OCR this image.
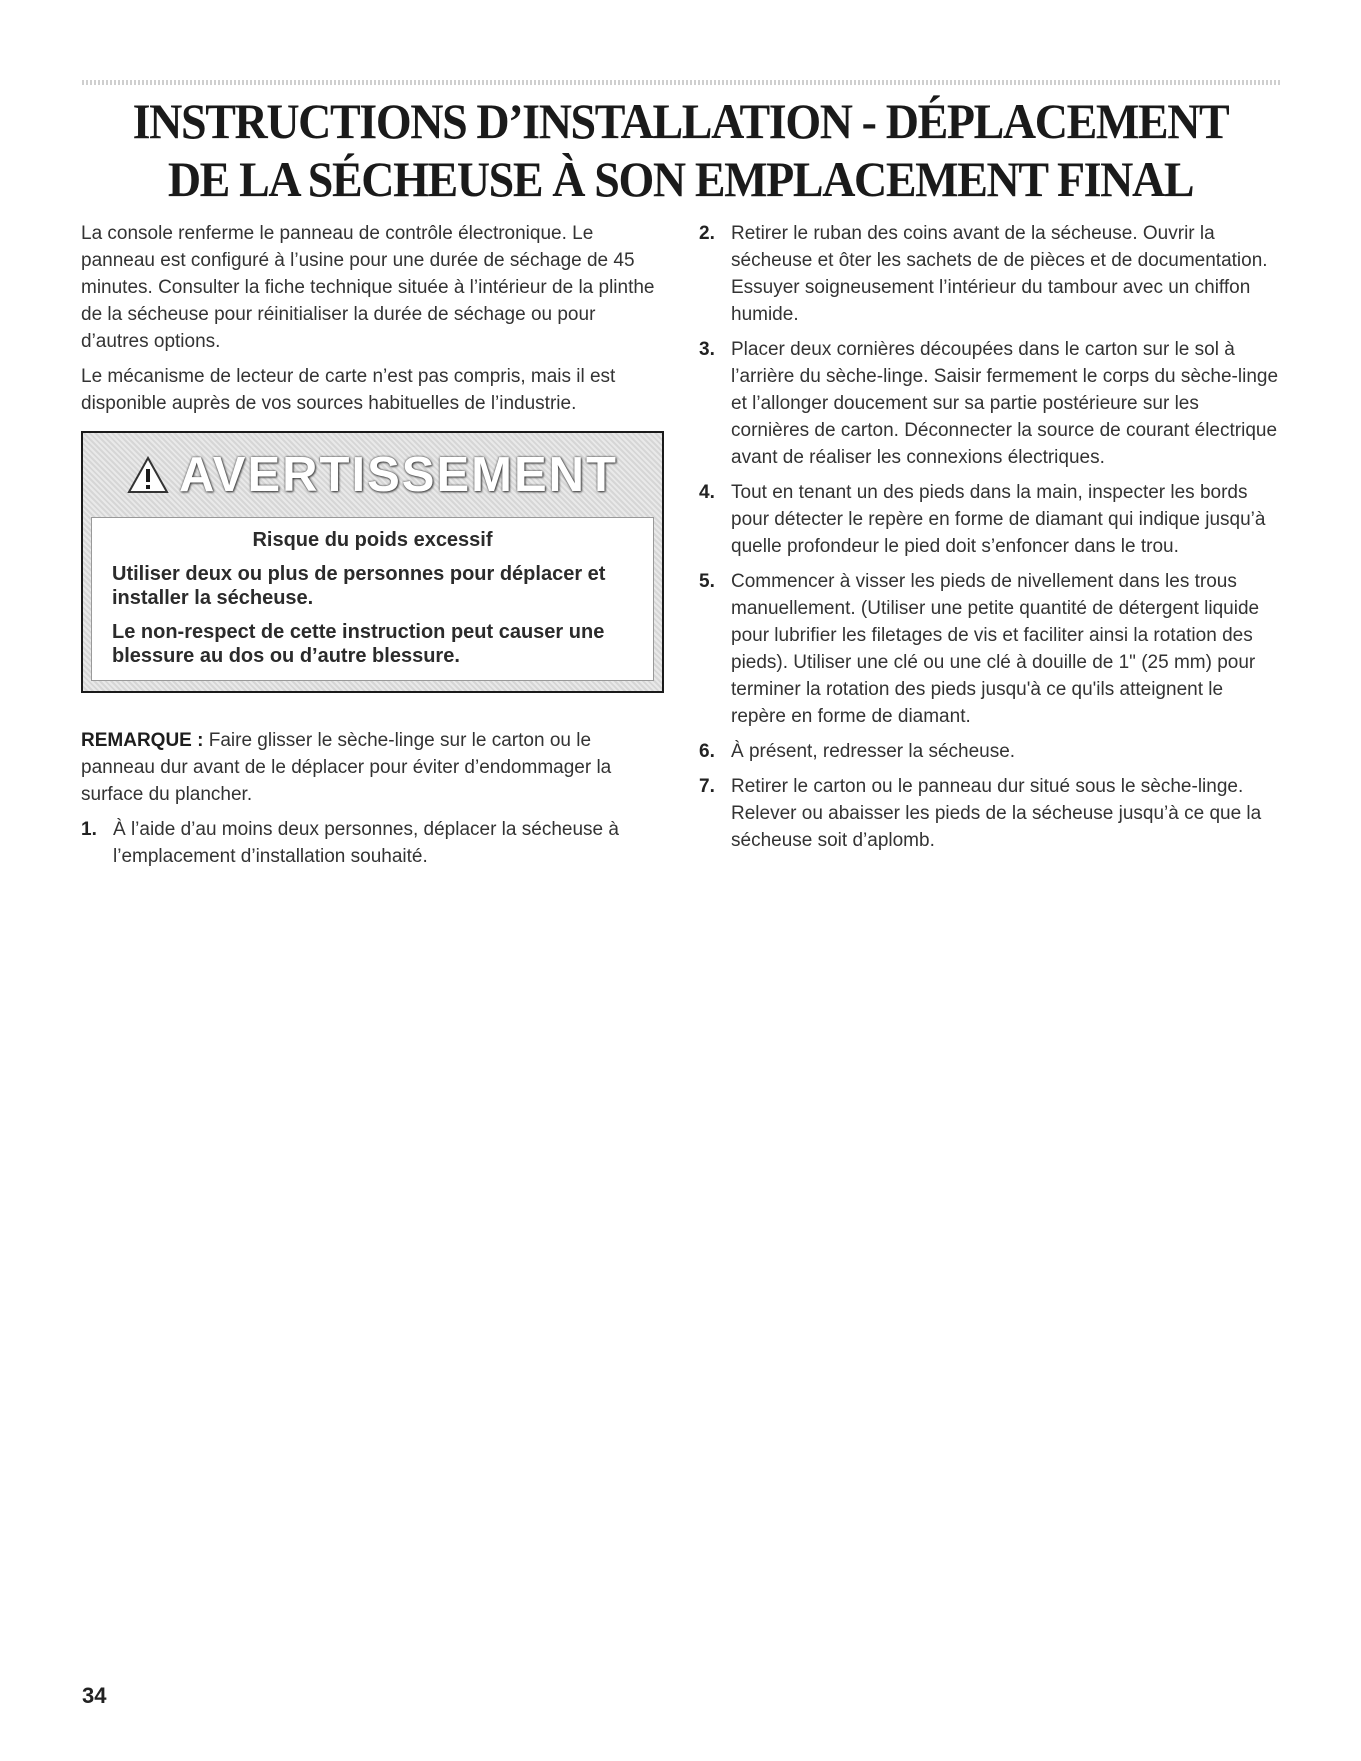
INSTRUCTIONS D’INSTALLATION - DÉPLACEMENT DE LA SÉCHEUSE À SON EMPLACEMENT FINAL

La console renferme le panneau de contrôle électronique. Le panneau est configuré à l’usine pour une durée de séchage de 45 minutes. Consulter la fiche technique située à l’intérieur de la plinthe de la sécheuse pour réinitialiser la durée de séchage ou pour d’autres options.

Le mécanisme de lecteur de carte n’est pas compris, mais il est disponible auprès de vos sources habituelles de l’industrie.

AVERTISSEMENT
Risque du poids excessif
Utiliser deux ou plus de personnes pour déplacer et installer la sécheuse.
Le non-respect de cette instruction peut causer une blessure au dos ou d’autre blessure.

REMARQUE : Faire glisser le sèche-linge sur le carton ou le panneau dur avant de le déplacer pour éviter d’endommager la surface du plancher.

1. À l’aide d’au moins deux personnes, déplacer la sécheuse à l’emplacement d’installation souhaité.
2. Retirer le ruban des coins avant de la sécheuse. Ouvrir la sécheuse et ôter les sachets de de pièces et de documentation. Essuyer soigneusement l’intérieur du tambour avec un chiffon humide.
3. Placer deux cornières découpées dans le carton sur le sol à l’arrière du sèche-linge. Saisir fermement le corps du sèche-linge et l’allonger doucement sur sa partie postérieure sur les cornières de carton. Déconnecter la source de courant électrique avant de réaliser les connexions électriques.
4. Tout en tenant un des pieds dans la main, inspecter les bords pour détecter le repère en forme de diamant qui indique jusqu’à quelle profondeur le pied doit s’enfoncer dans le trou.
5. Commencer à visser les pieds de nivellement dans les trous manuellement. (Utiliser une petite quantité de détergent liquide pour lubrifier les filetages de vis et faciliter ainsi la rotation des pieds). Utiliser une clé ou une clé à douille de 1" (25 mm) pour terminer la rotation des pieds jusqu'à ce qu'ils atteignent le repère en forme de diamant.
6. À présent, redresser la sécheuse.
7. Retirer le carton ou le panneau dur situé sous le sèche-linge. Relever ou abaisser les pieds de la sécheuse jusqu’à ce que la sécheuse soit d’aplomb.
34
